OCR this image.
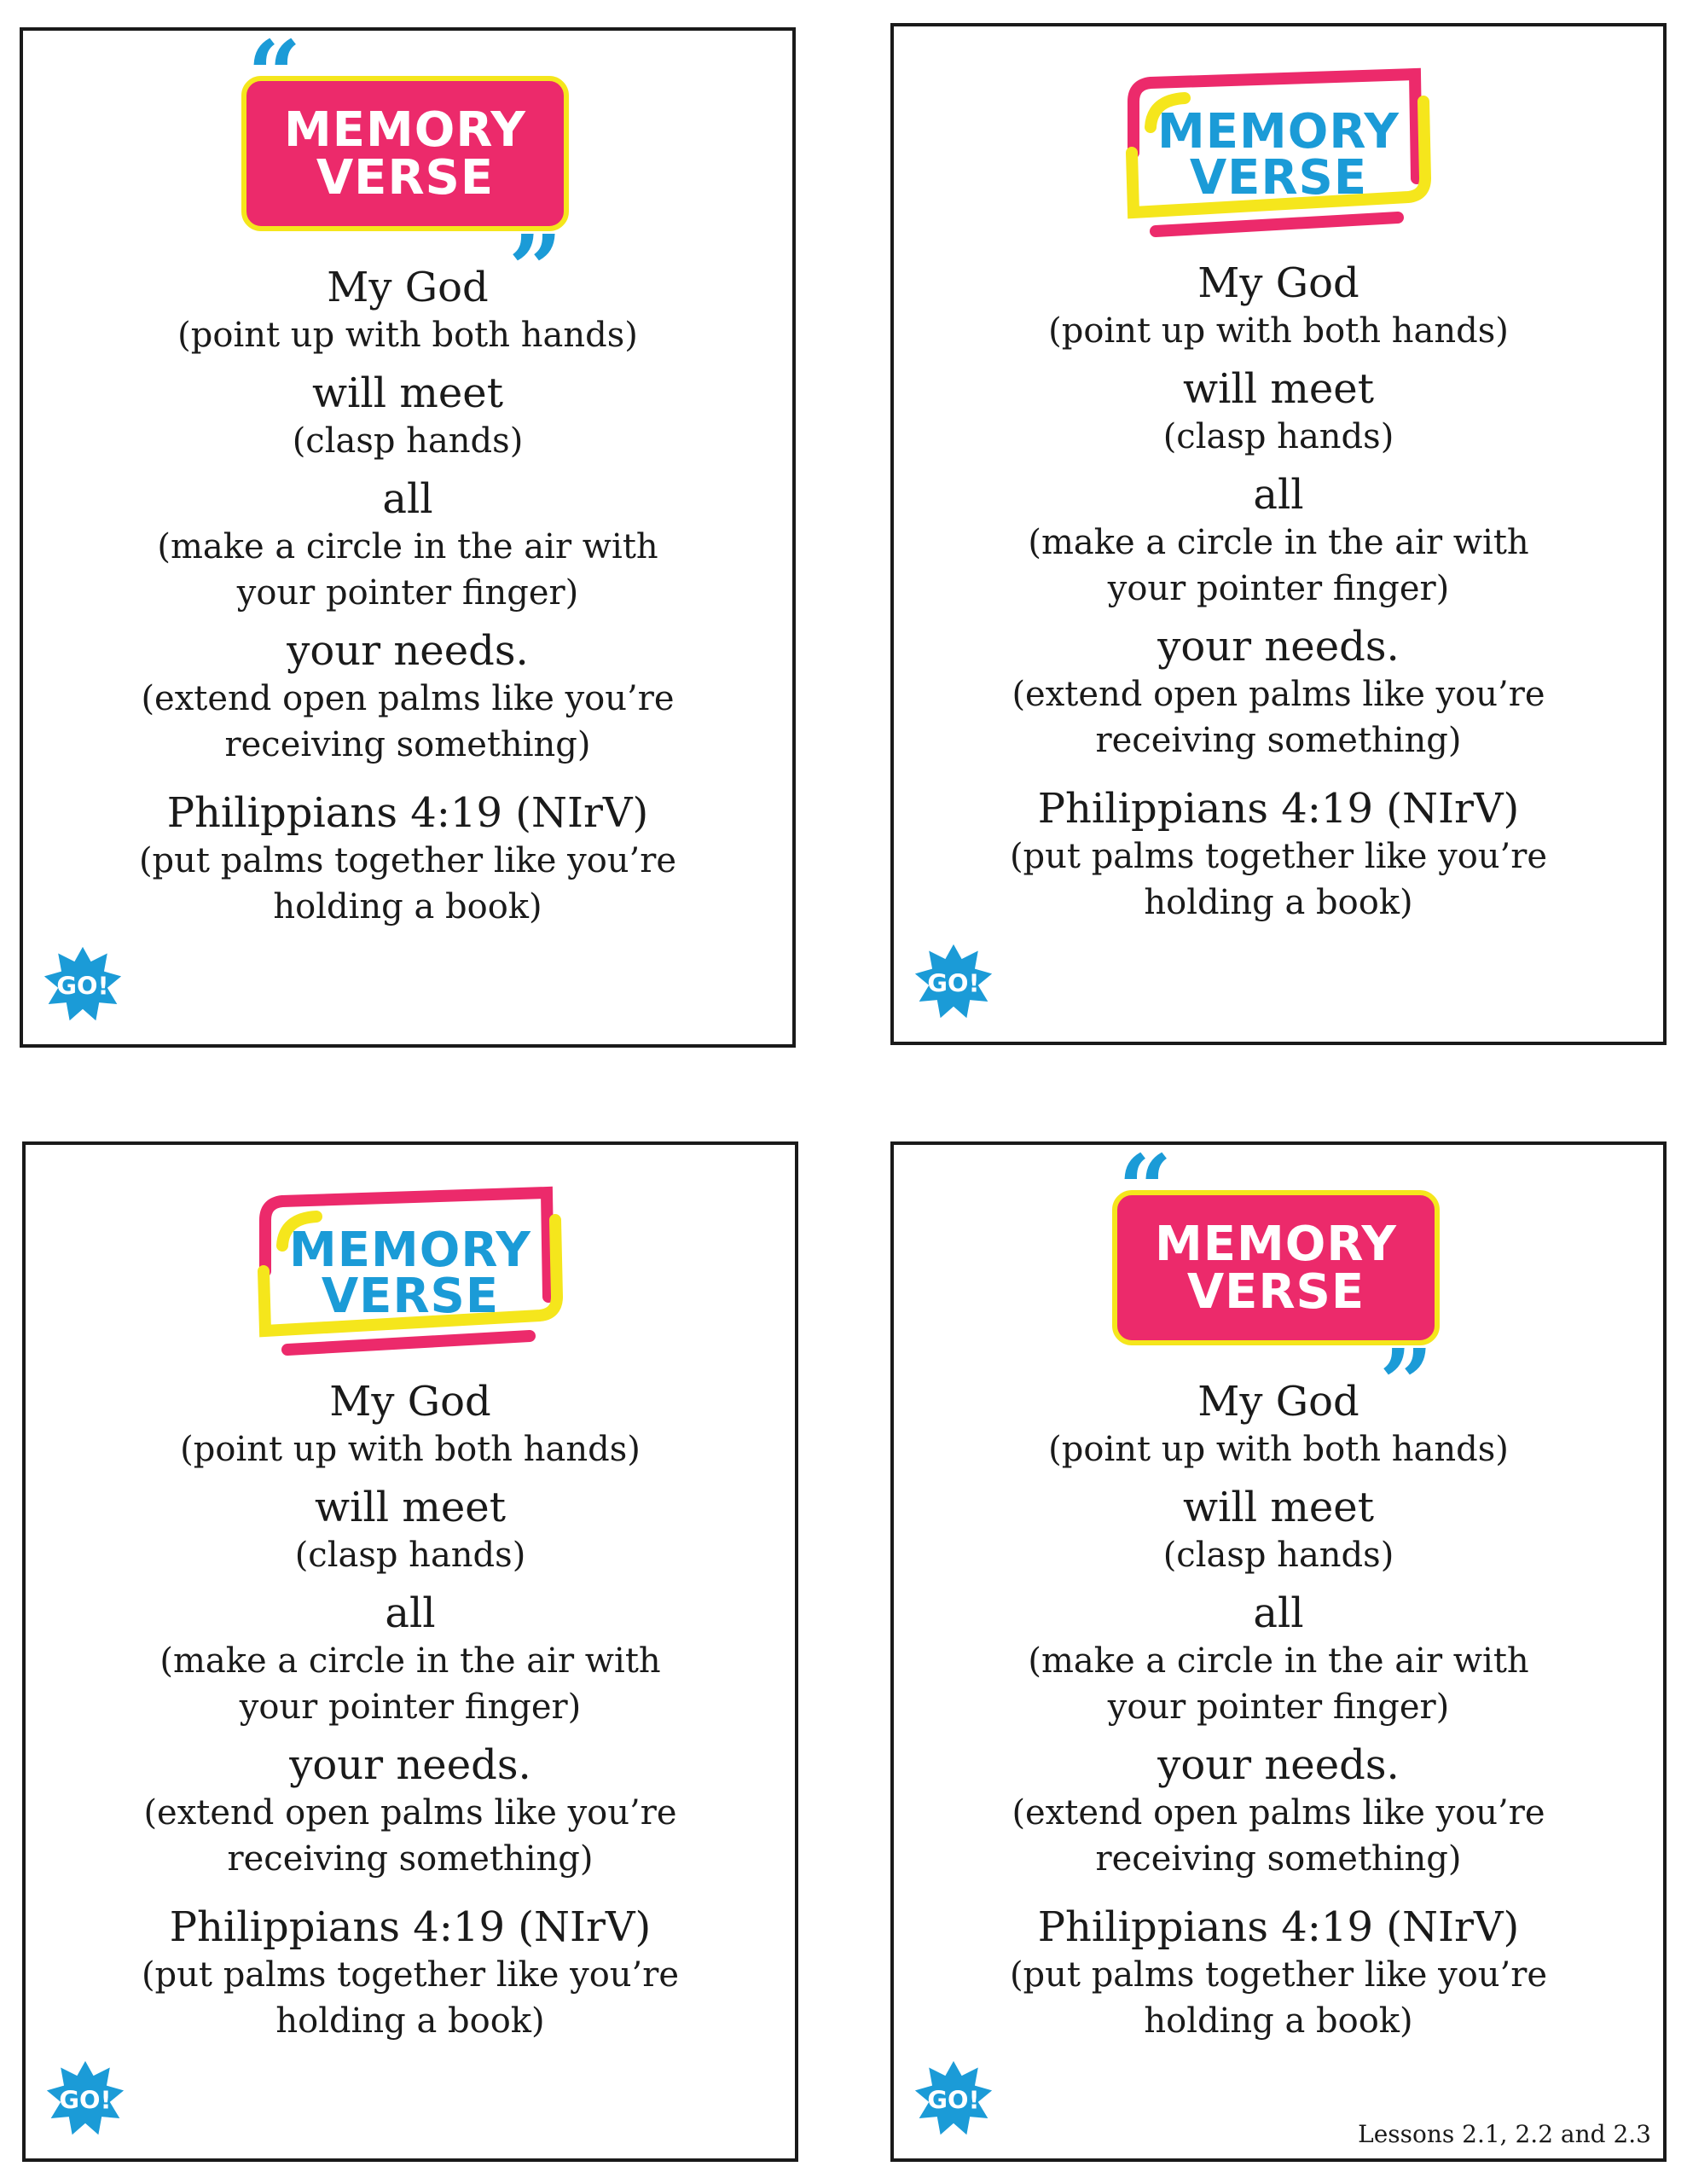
“
”
MEMORY
VERSE
My God
(point up with both hands)
will meet
(clasp hands)
all
(make a circle in the air with
your pointer finger)
your needs.
(extend open palms like you’re
receiving something)
Philippians 4:19 (NIrV)
(put palms together like you’re
holding a book)
GO!
MEMORY
VERSE
My God
(point up with both hands)
will meet
(clasp hands)
all
(make a circle in the air with
your pointer finger)
your needs.
(extend open palms like you’re
receiving something)
Philippians 4:19 (NIrV)
(put palms together like you’re
holding a book)
GO!
MEMORY
VERSE
My God
(point up with both hands)
will meet
(clasp hands)
all
(make a circle in the air with
your pointer finger)
your needs.
(extend open palms like you’re
receiving something)
Philippians 4:19 (NIrV)
(put palms together like you’re
holding a book)
GO!
“
”
MEMORY
VERSE
My God
(point up with both hands)
will meet
(clasp hands)
all
(make a circle in the air with
your pointer finger)
your needs.
(extend open palms like you’re
receiving something)
Philippians 4:19 (NIrV)
(put palms together like you’re
holding a book)
GO!
Lessons 2.1, 2.2 and 2.3
